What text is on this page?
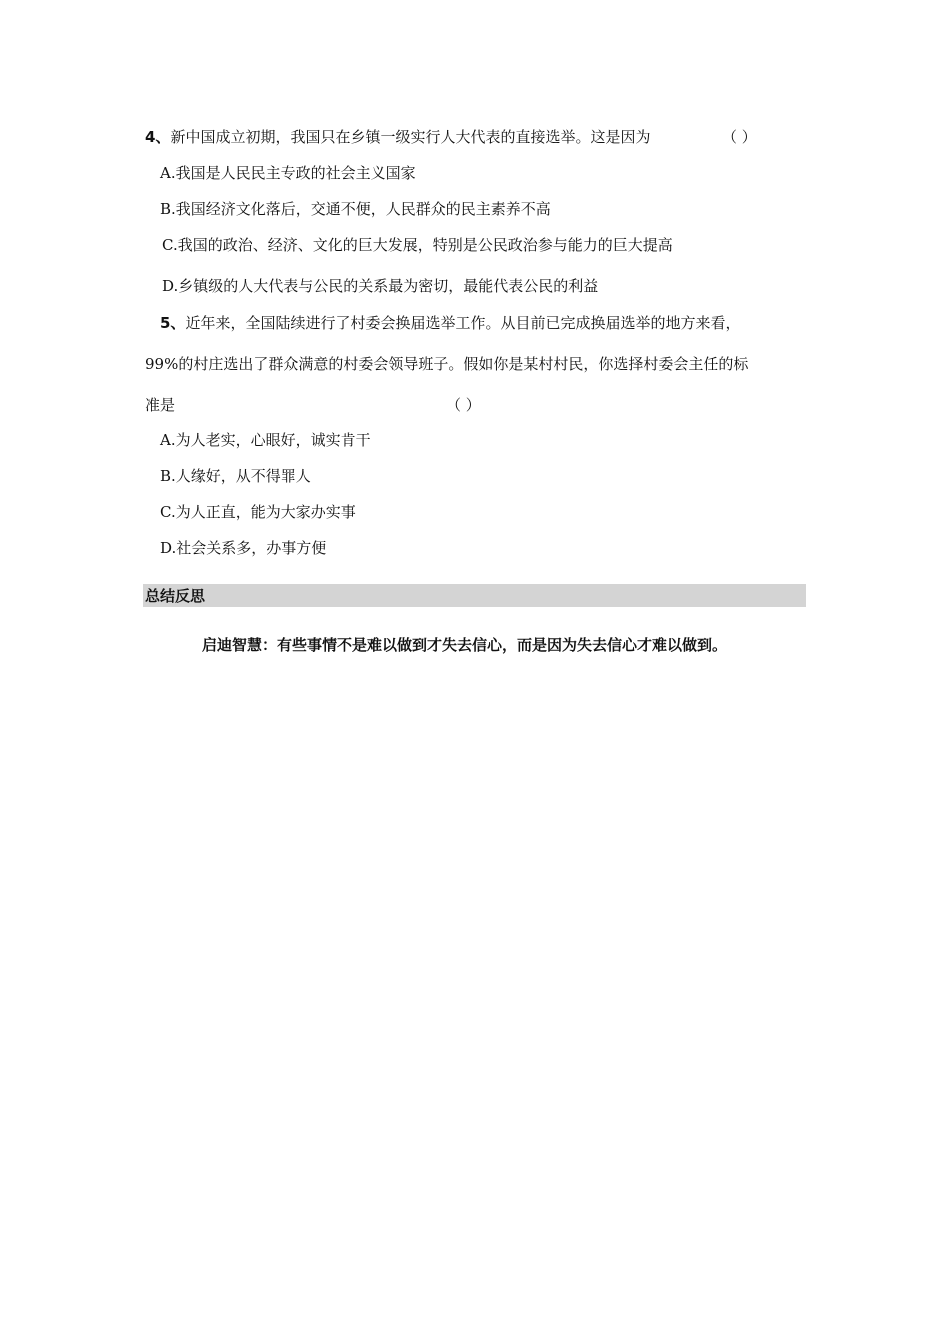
4、新中国成立初期，我国只在乡镇一级实行人大代表的直接选举。这是因为	（ ）
A.我国是人民民主专政的社会主义国家
B.我国经济文化落后，交通不便，人民群众的民主素养不高
C.我国的政治、经济、文化的巨大发展，特别是公民政治参与能力的巨大提高
D.乡镇级的人大代表与公民的关系最为密切，最能代表公民的利益
5、近年来，全国陆续进行了村委会换届选举工作。从目前已完成换届选举的地方来看，
99%的村庄选出了群众满意的村委会领导班子。假如你是某村村民，你选择村委会主任的标
准是	（ ）
A.为人老实，心眼好，诚实肯干
B.人缘好，从不得罪人
C.为人正直，能为大家办实事
D.社会关系多，办事方便
总结反思
启迪智慧：有些事情不是难以做到才失去信心，而是因为失去信心才难以做到。
